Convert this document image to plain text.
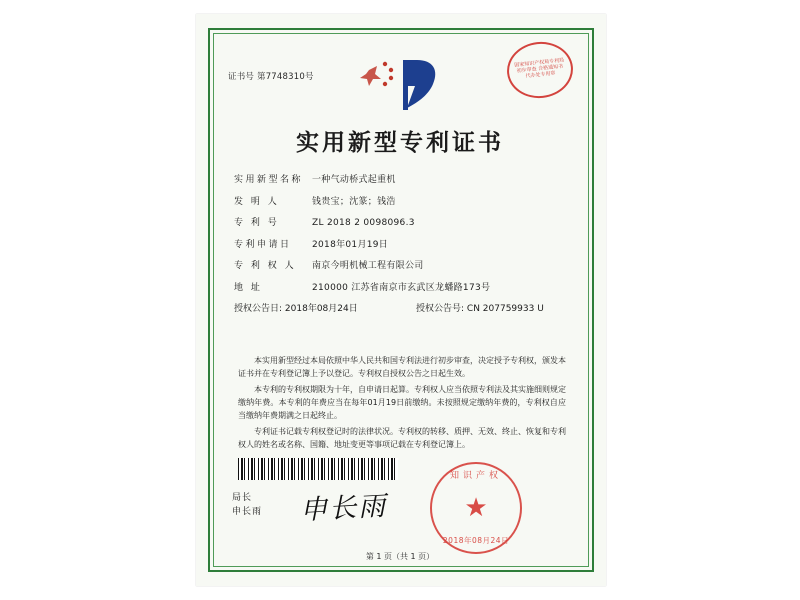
证书号 第7748310号
国家知识产权局专利局 初步审查 合格通知书 代办处专用章
实用新型专利证书
实用新型名称 一种气动桥式起重机
发 明 人	钱贵宝；沈篆；钱浩
专 利 号	ZL 2018 2 0098096.3
专利申请日	2018年01月19日
专 利 权 人	南京今明机械工程有限公司
地 址	210000 江苏省南京市玄武区龙蟠路173号
授权公告日: 2018年08月24日	授权公告号: CN 207759933 U

本实用新型经过本局依照中华人民共和国专利法进行初步审查，决定授予专利权，颁发本证书并在专利登记簿上予以登记。专利权自授权公告之日起生效。

本专利的专利权期限为十年，自申请日起算。专利权人应当依照专利法及其实施细则规定缴纳年费。本专利的年费应当在每年01月19日前缴纳。未按照规定缴纳年费的，专利权自应当缴纳年费期满之日起终止。

专利证书记载专利权登记时的法律状况。专利权的转移、质押、无效、终止、恢复和专利权人的姓名或名称、国籍、地址变更等事项记载在专利登记簿上。

局长
申长雨 申长雨
知识产权
★
2018年08月24日
第 1 页（共 1 页）
